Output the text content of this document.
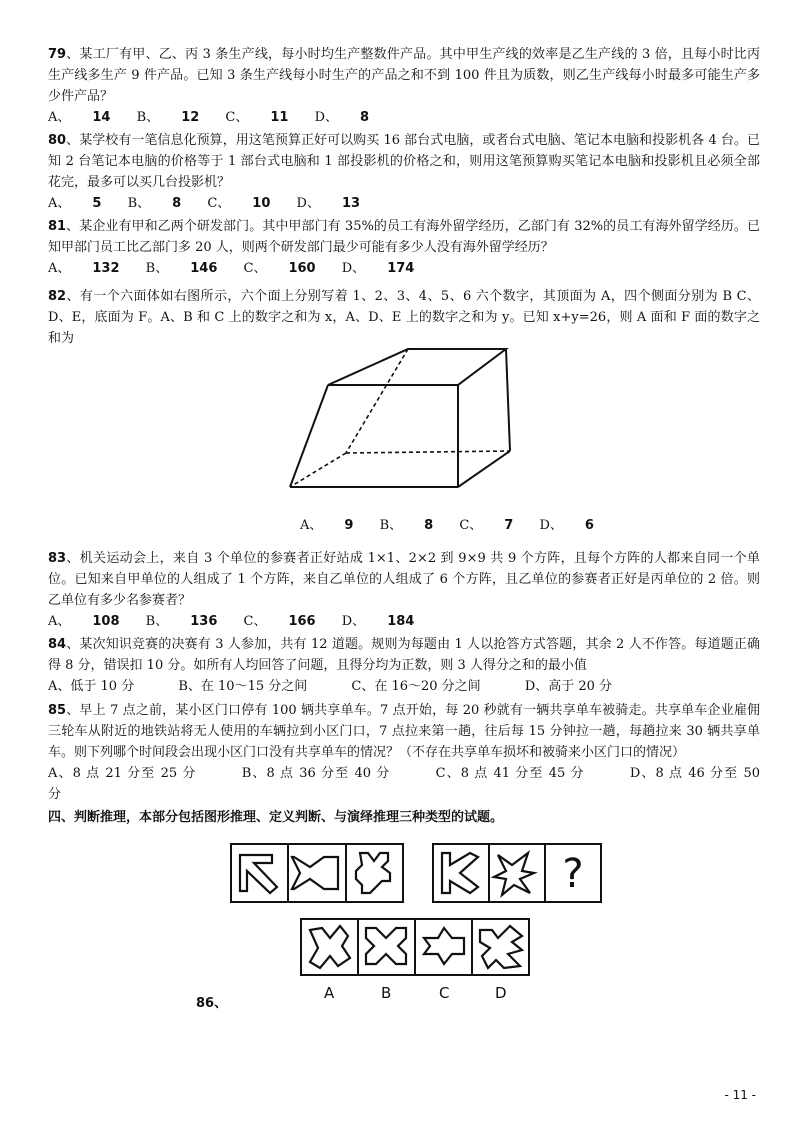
79、某工厂有甲、乙、丙 3 条生产线，每小时均生产整数件产品。其中甲生产线的效率是乙生产线的 3 倍，且每小时比丙生产线多生产 9 件产品。已知 3 条生产线每小时生产的产品之和不到 100 件且为质数，则乙生产线每小时最多可能生产多少件产品？

A、 14 B、 12 C、 11 D、 8

80、某学校有一笔信息化预算，用这笔预算正好可以购买 16 部台式电脑，或者台式电脑、笔记本电脑和投影机各 4 台。已知 2 台笔记本电脑的价格等于 1 部台式电脑和 1 部投影机的价格之和，则用这笔预算购买笔记本电脑和投影机且必须全部花完，最多可以买几台投影机？

A、 5 B、 8 C、 10 D、 13

81、某企业有甲和乙两个研发部门。其中甲部门有 35%的员工有海外留学经历，乙部门有 32%的员工有海外留学经历。已知甲部门员工比乙部门多 20 人，则两个研发部门最少可能有多少人没有海外留学经历？

A、 132 B、 146 C、 160 D、 174

82、有一个六面体如右图所示，六个面上分别写着 1、2、3、4、5、6 六个数字，其顶面为 A，四个侧面分别为 B C、D、E，底面为 F。A、B 和 C 上的数字之和为 x，A、D、E 上的数字之和为 y。已知 x+y=26，则 A 面和 F 面的数字之和为

A、 9 B、 8 C、 7 D、 6

83、机关运动会上，来自 3 个单位的参赛者正好站成 1×1、2×2 到 9×9 共 9 个方阵，且每个方阵的人都来自同一个单位。已知来自甲单位的人组成了 1 个方阵，来自乙单位的人组成了 6 个方阵，且乙单位的参赛者正好是丙单位的 2 倍。则乙单位有多少名参赛者？

A、 108 B、 136 C、 166 D、 184

84、某次知识竞赛的决赛有 3 人参加，共有 12 道题。规则为每题由 1 人以抢答方式答题，其余 2 人不作答。每道题正确得 8 分，错误扣 10 分。如所有人均回答了问题，且得分均为正数，则 3 人得分之和的最小值

A、低于 10 分	B、在 10～15 分之间	C、在 16～20 分之间	D、高于 20 分

85、早上 7 点之前，某小区门口停有 100 辆共享单车。7 点开始，每 20 秒就有一辆共享单车被骑走。共享单车企业雇佣三轮车从附近的地铁站将无人使用的车辆拉到小区门口，7 点拉来第一趟，往后每 15 分钟拉一趟，每趟拉来 30 辆共享单车。则下列哪个时间段会出现小区门口没有共享单车的情况？（不存在共享单车损坏和被骑来小区门口的情况）

A、8 点 21 分至 25 分	B、8 点 36 分至 40 分	C、8 点 41 分至 45 分	D、8 点 46 分至 50 分

四、判断推理，本部分包括图形推理、定义判断、与演绎推理三种类型的试题。
?
A	B	C	D
86、
- 11 -
